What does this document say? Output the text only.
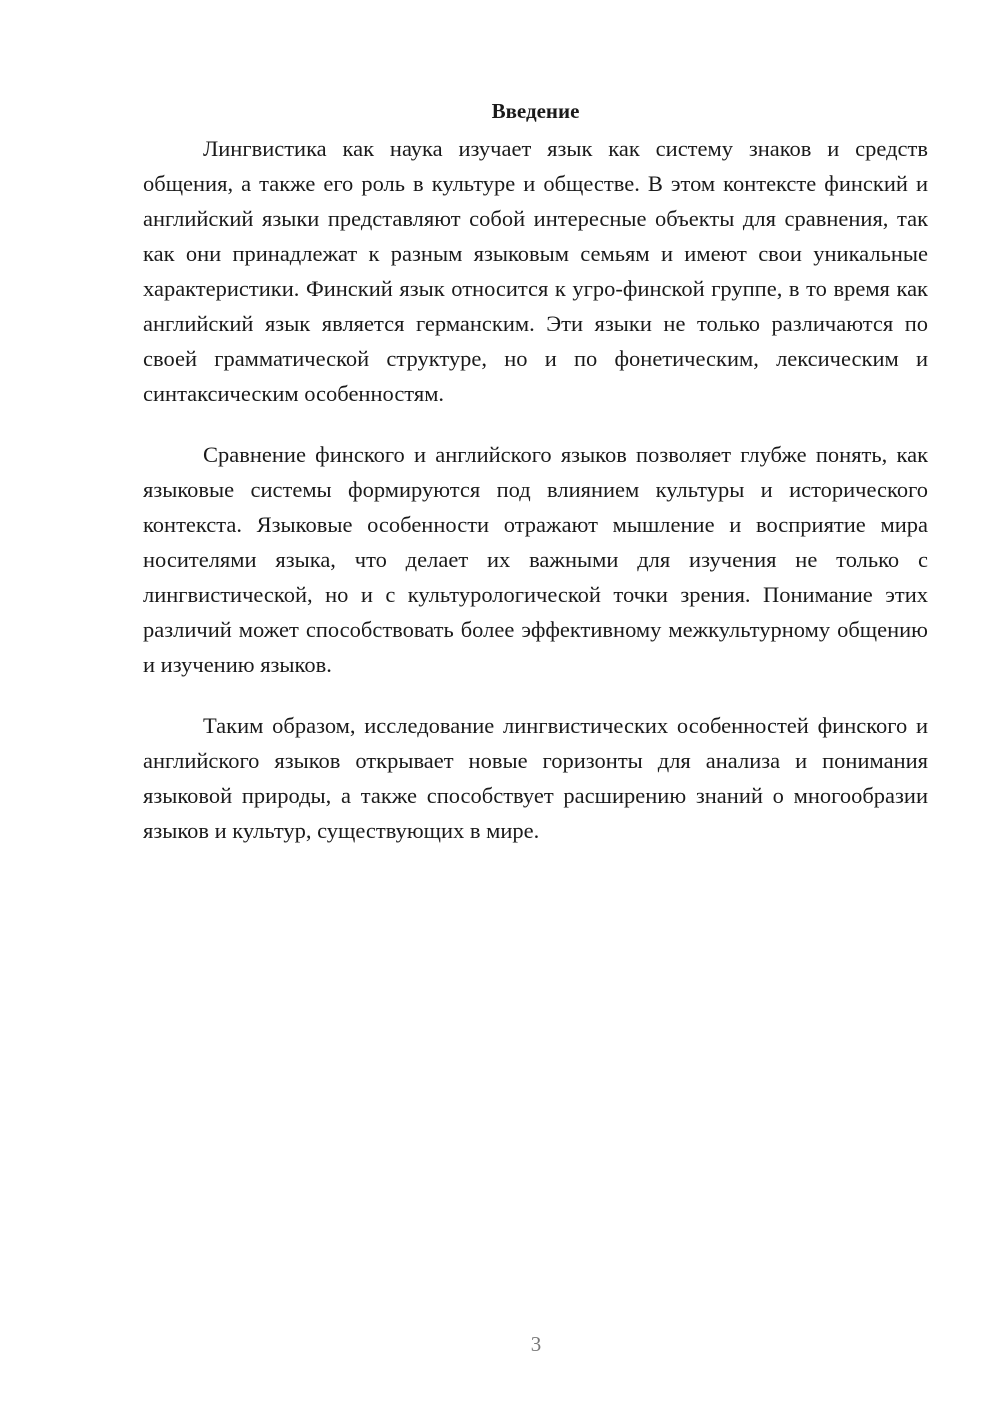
Введение

Лингвистика как наука изучает язык как систему знаков и средств общения, а также его роль в культуре и обществе. В этом контексте финский и английский языки представляют собой интересные объекты для сравнения, так как они принадлежат к разным языковым семьям и имеют свои уникальные характеристики. Финский язык относится к угро-финской группе, в то время как английский язык является германским. Эти языки не только различаются по своей грамматической структуре, но и по фонетическим, лексическим и синтаксическим особенностям.

Сравнение финского и английского языков позволяет глубже понять, как языковые системы формируются под влиянием культуры и исторического контекста. Языковые особенности отражают мышление и восприятие мира носителями языка, что делает их важными для изучения не только с лингвистической, но и с культурологической точки зрения. Понимание этих различий может способствовать более эффективному межкультурному общению и изучению языков.

Таким образом, исследование лингвистических особенностей финского и английского языков открывает новые горизонты для анализа и понимания языковой природы, а также способствует расширению знаний о многообразии языков и культур, существующих в мире.

3
